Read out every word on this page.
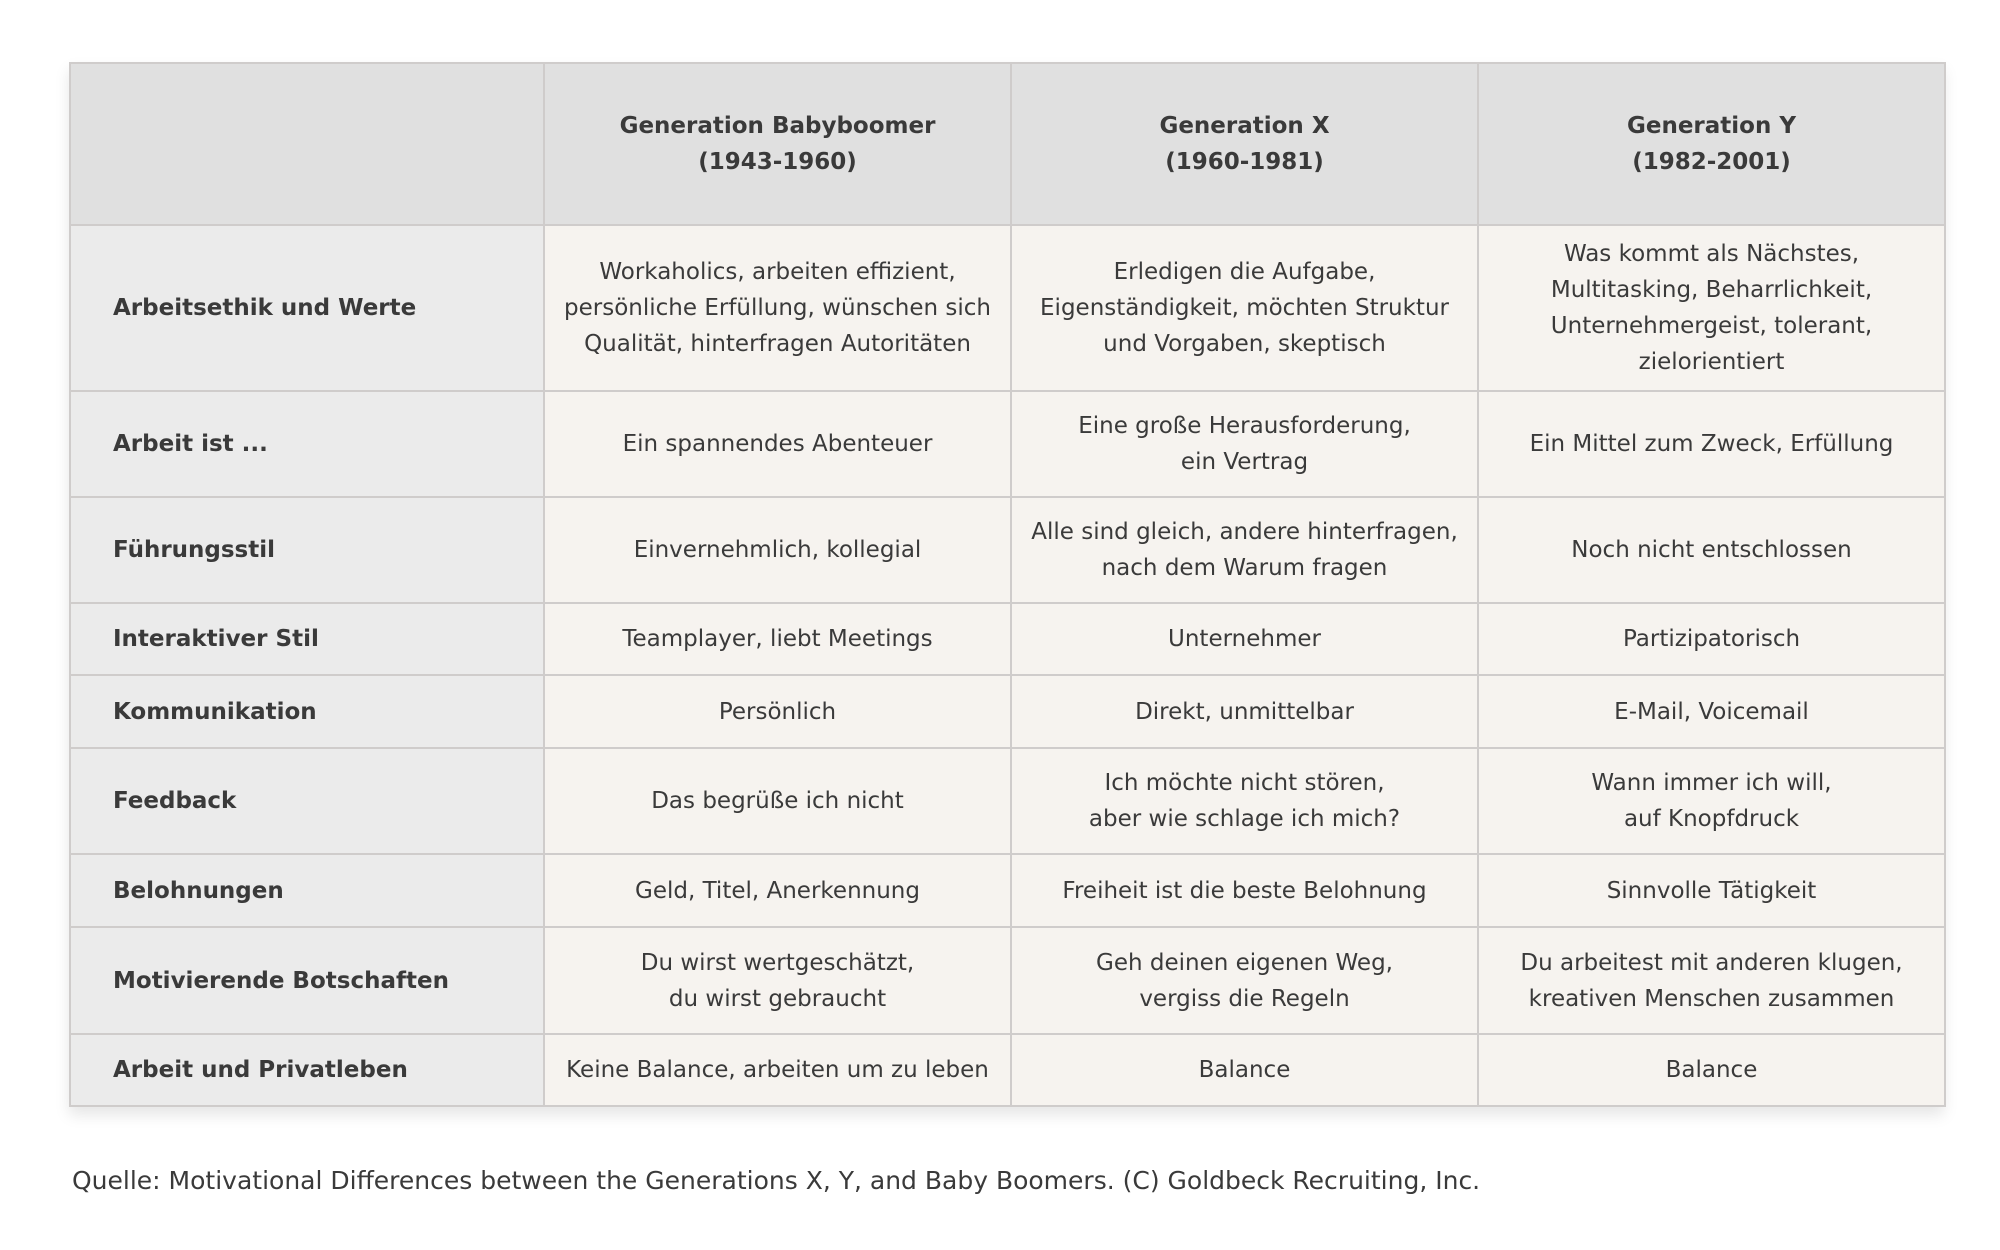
	Generation Babyboomer
(1943-1960)	Generation X
(1960-1981)	Generation Y
(1982-2001)

Arbeitsethik und Werte	Workaholics, arbeiten effizient,
persönliche Erfüllung, wünschen sich
Qualität, hinterfragen Autoritäten	Erledigen die Aufgabe,
Eigenständigkeit, möchten Struktur
und Vorgaben, skeptisch	Was kommt als Nächstes,
Multitasking, Beharrlichkeit,
Unternehmergeist, tolerant,
zielorientiert

Arbeit ist ...	Ein spannendes Abenteuer	Eine große Herausforderung,
ein Vertrag	Ein Mittel zum Zweck, Erfüllung

Führungsstil	Einvernehmlich, kollegial	Alle sind gleich, andere hinterfragen,
nach dem Warum fragen	Noch nicht entschlossen

Interaktiver Stil	Teamplayer, liebt Meetings	Unternehmer	Partizipatorisch

Kommunikation	Persönlich	Direkt, unmittelbar	E-Mail, Voicemail

Feedback	Das begrüße ich nicht	Ich möchte nicht stören,
aber wie schlage ich mich?	Wann immer ich will,
auf Knopfdruck

Belohnungen	Geld, Titel, Anerkennung	Freiheit ist die beste Belohnung	Sinnvolle Tätigkeit

Motivierende Botschaften	Du wirst wertgeschätzt,
du wirst gebraucht	Geh deinen eigenen Weg,
vergiss die Regeln	Du arbeitest mit anderen klugen,
kreativen Menschen zusammen

Arbeit und Privatleben	Keine Balance, arbeiten um zu leben	Balance	Balance
Quelle: Motivational Differences between the Generations X, Y, and Baby Boomers. (C) Goldbeck Recruiting, Inc.
